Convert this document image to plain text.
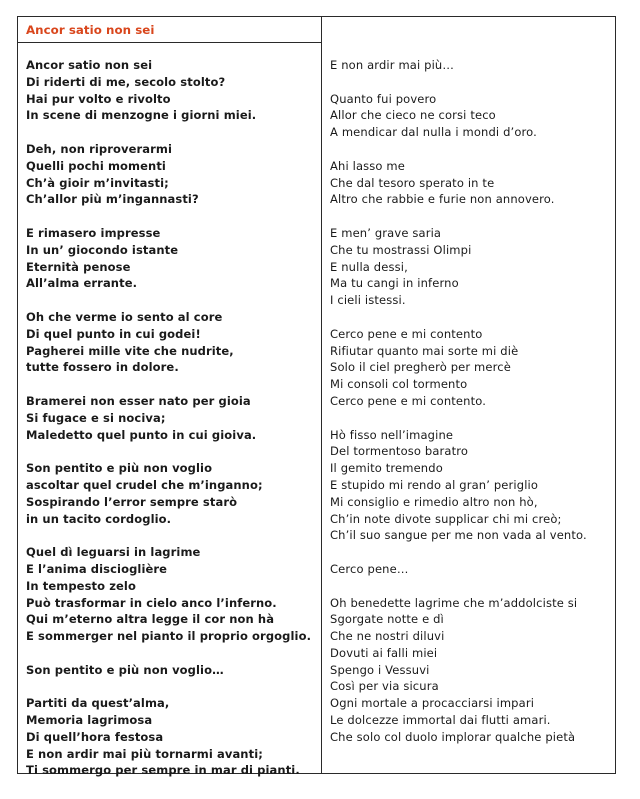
Ancor satio non sei
Ancor satio non sei
Di riderti di me, secolo stolto?
Hai pur volto e rivolto
In scene di menzogne i giorni miei.
Deh, non riproverarmi
Quelli pochi momenti
Ch’à gioir m’invitasti;
Ch’allor più m’ingannasti?
E rimasero impresse
In un’ giocondo istante
Eternità penose
All’alma errante.
Oh che verme io sento al core
Di quel punto in cui godei!
Pagherei mille vite che nudrite,
tutte fossero in dolore.
Bramerei non esser nato per gioia
Si fugace e si nociva;
Maledetto quel punto in cui gioiva.
Son pentito e più non voglio
ascoltar quel crudel che m’inganno;
Sospirando l’error sempre starò
in un tacito cordoglio.
Quel dì leguarsi in lagrime
E l’anima discioglière
In tempesto zelo
Può trasformar in cielo anco l’inferno.
Qui m’eterno altra legge il cor non hà
E sommerger nel pianto il proprio orgoglio.
Son pentito e più non voglio…
Partiti da quest’alma,
Memoria lagrimosa
Di quell’hora festosa
E non ardir mai più tornarmi avanti;
Ti sommergo per sempre in mar di pianti.
E non ardir mai più…
Quanto fui povero
Allor che cieco ne corsi teco
A mendicar dal nulla i mondi d’oro.
Ahi lasso me
Che dal tesoro sperato in te
Altro che rabbie e furie non annovero.
E men’ grave saria
Che tu mostrassi Olimpi
E nulla dessi,
Ma tu cangi in inferno
I cieli istessi.
Cerco pene e mi contento
Rifiutar quanto mai sorte mi diè
Solo il ciel pregherò per mercè
Mi consoli col tormento
Cerco pene e mi contento.
Hò fisso nell’imagine
Del tormentoso baratro
Il gemito tremendo
E stupido mi rendo al gran’ periglio
Mi consiglio e rimedio altro non hò,
Ch’in note divote supplicar chi mi creò;
Ch’il suo sangue per me non vada al vento.
Cerco pene…
Oh benedette lagrime che m’addolciste si
Sgorgate notte e dì
Che ne nostri diluvi
Dovuti ai falli miei
Spengo i Vessuvi
Così per via sicura
Ogni mortale a procacciarsi impari
Le dolcezze immortal dai flutti amari.
Che solo col duolo implorar qualche pietà
